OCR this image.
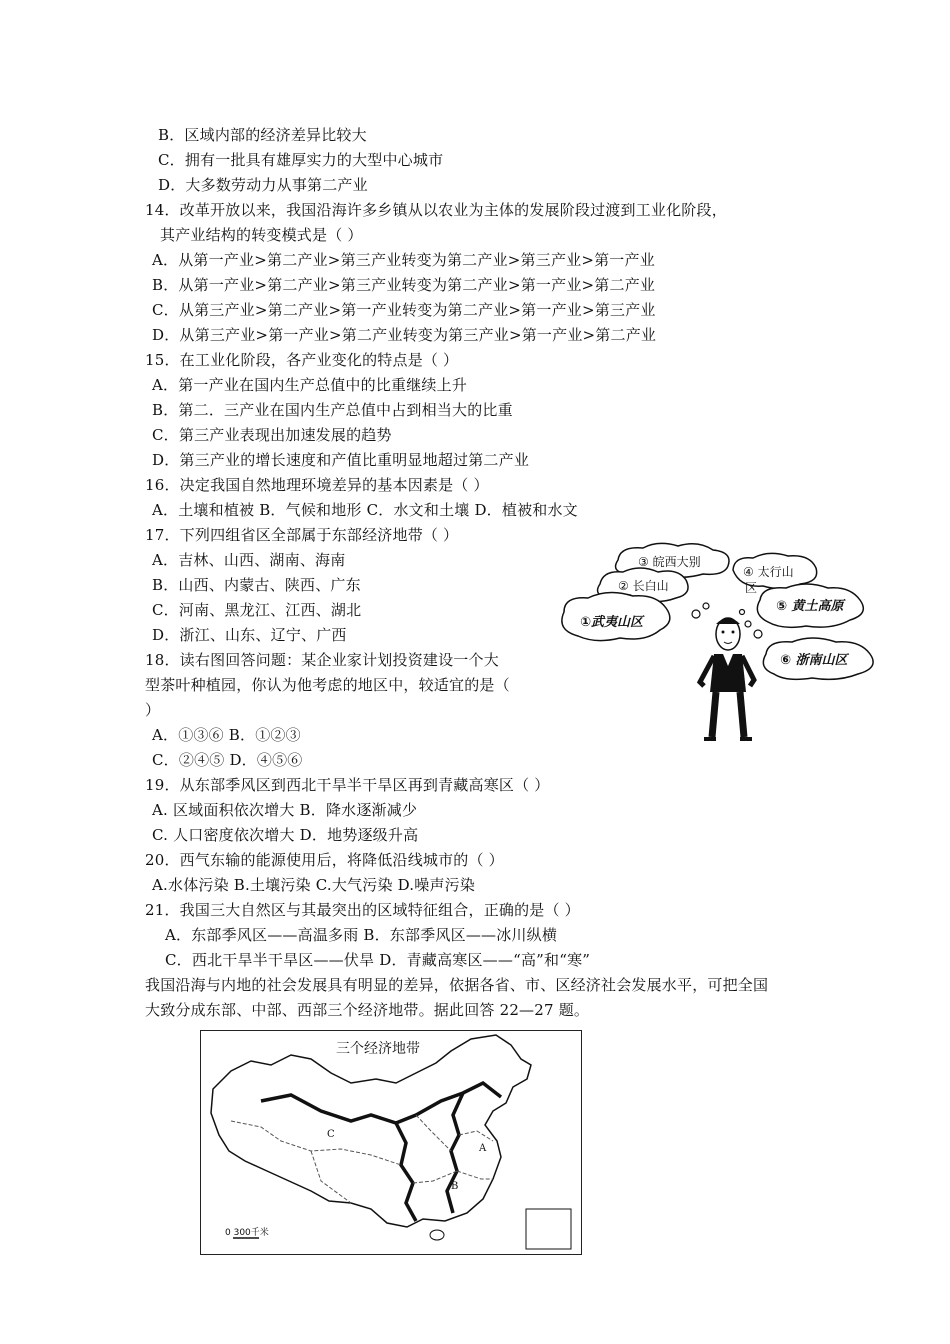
B．区域内部的经济差异比较大
C．拥有一批具有雄厚实力的大型中心城市
D．大多数劳动力从事第二产业
14．改革开放以来，我国沿海许多乡镇从以农业为主体的发展阶段过渡到工业化阶段，
其产业结构的转变模式是（ ）
A．从第一产业>第二产业>第三产业转变为第二产业>第三产业>第一产业
B．从第一产业>第二产业>第三产业转变为第二产业>第一产业>第二产业
C．从第三产业>第二产业>第一产业转变为第二产业>第一产业>第三产业
D．从第三产业>第一产业>第二产业转变为第三产业>第一产业>第二产业
15．在工业化阶段，各产业变化的特点是（ ）
A．第一产业在国内生产总值中的比重继续上升
B．第二．三产业在国内生产总值中占到相当大的比重
C．第三产业表现出加速发展的趋势
D．第三产业的增长速度和产值比重明显地超过第二产业
16．决定我国自然地理环境差异的基本因素是（ ）
A．土壤和植被 B．气候和地形 C．水文和土壤 D．植被和水文
17．下列四组省区全部属于东部经济地带（ ）
A．吉林、山西、湖南、海南
B．山西、内蒙古、陕西、广东
C．河南、黑龙江、江西、湖北
D．浙江、山东、辽宁、广西
18．读右图回答问题：某企业家计划投资建设一个大
型茶叶种植园，你认为他考虑的地区中，较适宜的是（
）
A．①③⑥ B．①②③
C．②④⑤ D．④⑤⑥
19．从东部季风区到西北干旱半干旱区再到青藏高寒区（ ）
A. 区域面积依次增大 B．降水逐渐减少
C. 人口密度依次增大 D．地势逐级升高
20．西气东输的能源使用后，将降低沿线城市的（ ）
A.水体污染 B.土壤污染 C.大气污染 D.噪声污染
21．我国三大自然区与其最突出的区域特征组合，正确的是（ ）
A．东部季风区——高温多雨 B．东部季风区——冰川纵横
C．西北干旱半干旱区——伏旱 D．青藏高寒区——“高”和“寒”
我国沿海与内地的社会发展具有明显的差异，依据各省、市、区经济社会发展水平，可把全国
大致分成东部、中部、西部三个经济地带。据此回答 22—27 题。
③ 皖西大别
④ 太行山
区
② 长白山
①武夷山区
⑤ 黄土高原
⑥ 浙南山区
三个经济地带
A
B
C
0 300千米
